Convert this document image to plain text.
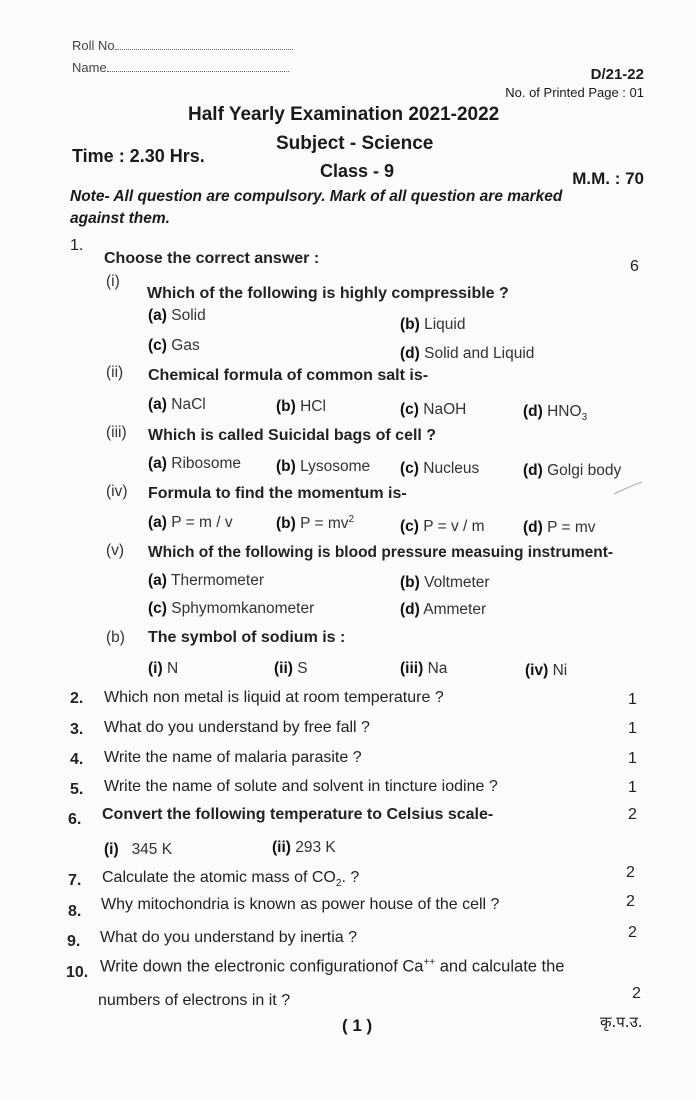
Roll No
Name	D/21-22
No. of Printed Page : 01
Half Yearly Examination 2021-2022
Subject - Science
Time : 2.30 Hrs.
Class - 9	M.M. : 70
Note- All question are compulsory. Mark of all question are marked
against them.
1.
Choose the correct answer :	6
(i)
Which of the following is highly compressible ?
(a) Solid
(b) Liquid
(c) Gas	(d) Solid and Liquid
(ii) Chemical formula of common salt is-
(a) NaCl	(b) HCl	(c) NaOH	(d) $HNO_3$
(iii) Which is called Suicidal bags of cell ?
(a) Ribosome (b) Lysosome (c) Nucleus	(d) Golgi body
(iv) Formula to find the momentum is-
(a) P = m / v	(b) $P = mv^2$	(c) P = v / m (d) P = mv
(v) Which of the following is blood pressure measuing instrument-
(a) Thermometer	(b) Voltmeter
(c) Sphymomkanometer	(d) Ammeter
(b) The symbol of sodium is :
(i) N	(ii) S	(iii) Na	(iv) Ni
2. Which non metal is liquid at room temperature ?	1
3. What do you understand by free fall ?	1
4. Write the name of malaria parasite ?	1
5. Write the name of solute and solvent in tincture iodine ?	1
6. Convert the following temperature to Celsius scale-	2
(i) 345 K	(ii) 293 K
7. Calculate the atomic mass of $CO_2$. ?	2
8. Why mitochondria is known as power house of the cell ?	2
9. What do you understand by inertia ?	2
10. Write down the electronic configurationof Ca++ and calculate the
numbers of electrons in it ?	2
( 1 )	कृ.प.उ.
